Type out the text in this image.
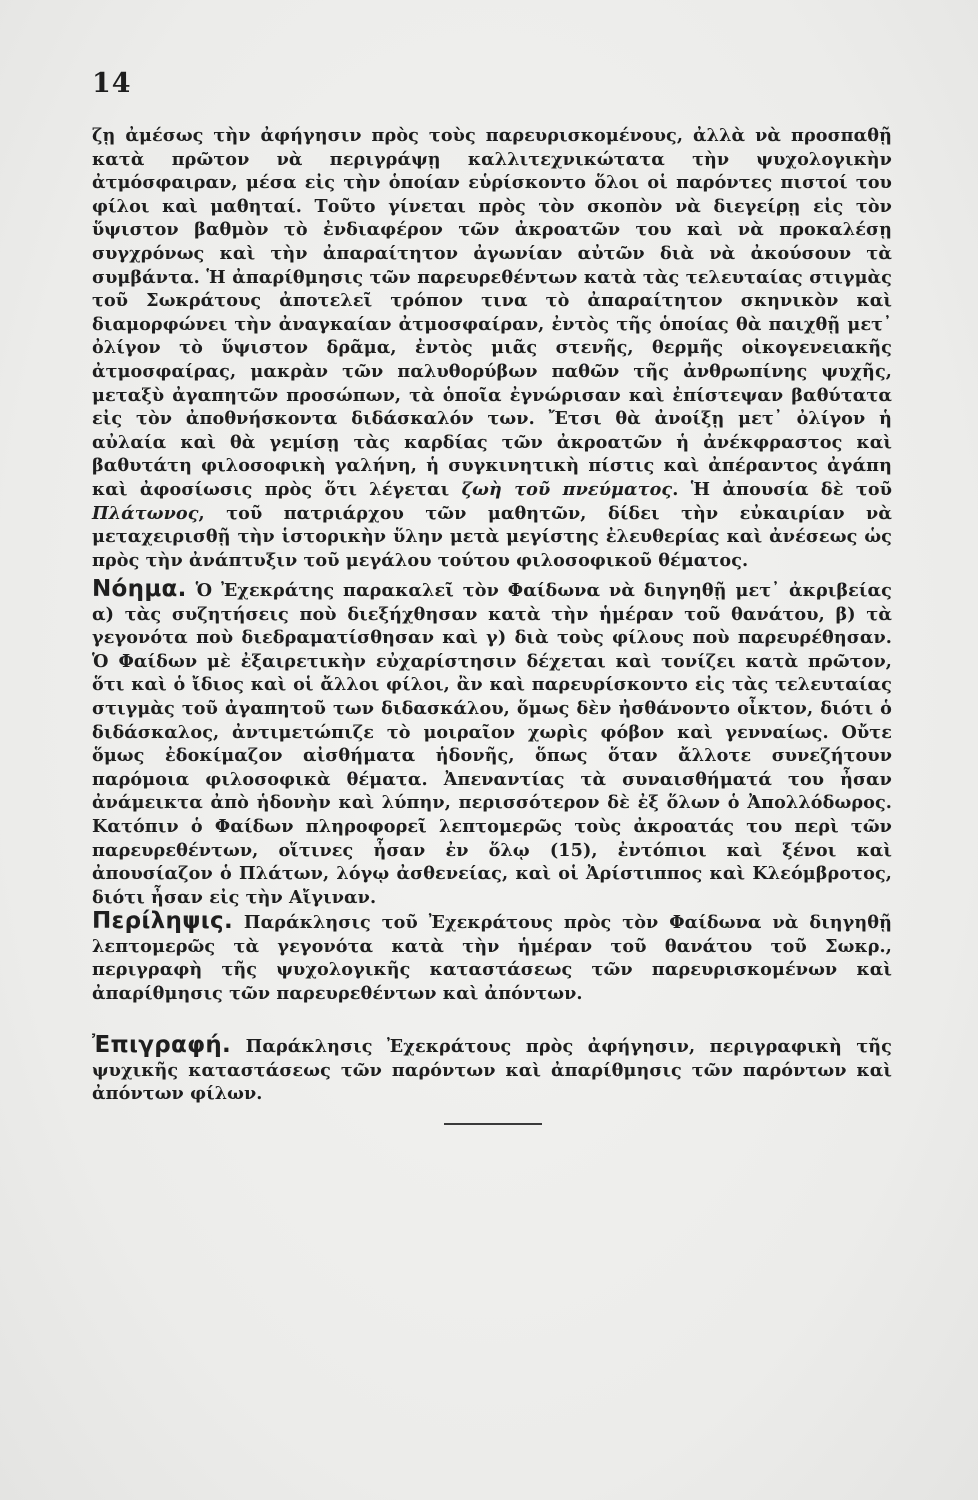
14
ζῃ ἀμέσως τὴν ἀφήγησιν πρὸς τοὺς παρευρισκομένους, ἀλλὰ νὰ προσπαθῇ κατὰ πρῶτον νὰ περιγράψῃ καλλιτεχνικώτατα τὴν ψυχολογικὴν ἀτμόσφαιραν, μέσα εἰς τὴν ὁποίαν εὑρίσκοντο ὅλοι οἱ παρόντες πιστοί του φίλοι καὶ μαθηταί. Τοῦτο γίνεται πρὸς τὸν σκοπὸν νὰ διεγείρῃ εἰς τὸν ὕψιστον βαθμὸν τὸ ἐνδιαφέρον τῶν ἀκροατῶν του καὶ νὰ προκαλέσῃ συγχρόνως καὶ τὴν ἀπαραίτητον ἀγωνίαν αὐτῶν διὰ νὰ ἀκούσουν τὰ συμβάντα. Ἡ ἀπαρίθμησις τῶν παρευρεθέντων κατὰ τὰς τελευταίας στιγμὰς τοῦ Σωκράτους ἀποτελεῖ τρόπον τινα τὸ ἀπαραίτητον σκηνικὸν καὶ διαμορφώνει τὴν ἀναγκαίαν ἀτμοσφαίραν, ἐντὸς τῆς ὁποίας θὰ παιχθῇ μετ᾽ ὀλίγον τὸ ὕψιστον δρᾶμα, ἐντὸς μιᾶς στενῆς, θερμῆς οἰκογενειακῆς ἀτμοσφαίρας, μακρὰν τῶν παλυθορύβων παθῶν τῆς ἀνθρωπίνης ψυχῆς, μεταξὺ ἀγαπητῶν προσώπων, τὰ ὁποῖα ἐγνώρισαν καὶ ἐπίστεψαν βαθύτατα εἰς τὸν ἀποθνήσκοντα διδάσκαλόν των. Ἔτσι θὰ ἀνοίξῃ μετ᾽ ὀλίγον ἡ αὐλαία καὶ θὰ γεμίσῃ τὰς καρδίας τῶν ἀκροατῶν ἡ ἀνέκφραστος καὶ βαθυτάτη φιλοσοφικὴ γαλήνη, ἡ συγκινητικὴ πίστις καὶ ἀπέραντος ἀγάπη καὶ ἀφοσίωσις πρὸς ὅτι λέγεται ζωὴ τοῦ πνεύματος. Ἡ ἀπουσία δὲ τοῦ Πλάτωνος, τοῦ πατριάρχου τῶν μαθητῶν, δίδει τὴν εὐκαιρίαν νὰ μεταχειρισθῇ τὴν ἱστορικὴν ὕλην μετὰ μεγίστης ἐλευθερίας καὶ ἀνέσεως ὡς πρὸς τὴν ἀνάπτυξιν τοῦ μεγάλου τούτου φιλοσοφικοῦ θέματος.
Νόημα. Ὁ Ἐχεκράτης παρακαλεῖ τὸν Φαίδωνα νὰ διηγηθῇ μετ᾽ ἀκριβείας α) τὰς συζητήσεις ποὺ διεξήχθησαν κατὰ τὴν ἡμέραν τοῦ θανάτου, β) τὰ γεγονότα ποὺ διεδραματίσθησαν καὶ γ) διὰ τοὺς φίλους ποὺ παρευρέθησαν. Ὁ Φαίδων μὲ ἐξαιρετικὴν εὐχαρίστησιν δέχεται καὶ τονίζει κατὰ πρῶτον, ὅτι καὶ ὁ ἴδιος καὶ οἱ ἄλλοι φίλοι, ἂν καὶ παρευρίσκοντο εἰς τὰς τελευταίας στιγμὰς τοῦ ἀγαπητοῦ των διδασκάλου, ὅμως δὲν ἠσθάνοντο οἶκτον, διότι ὁ διδάσκαλος, ἀντιμετώπιζε τὸ μοιραῖον χωρὶς φόβον καὶ γενναίως. Οὔτε ὅμως ἐδοκίμαζον αἰσθήματα ἡδονῆς, ὅπως ὅταν ἄλλοτε συνεζήτουν παρόμοια φιλοσοφικὰ θέματα. Ἀπεναντίας τὰ συναισθήματά του ἦσαν ἀνάμεικτα ἀπὸ ἡδονὴν καὶ λύπην, περισσότερον δὲ ἐξ ὅλων ὁ Ἀπολλόδωρος. Κατόπιν ὁ Φαίδων πληροφορεῖ λεπτομερῶς τοὺς ἀκροατάς του περὶ τῶν παρευρεθέντων, οἵτινες ἦσαν ἐν ὅλῳ (15), ἐντόπιοι καὶ ξένοι καὶ ἀπουσίαζον ὁ Πλάτων, λόγῳ ἀσθενείας, καὶ οἱ Ἀρίστιππος καὶ Κλεόμβροτος, διότι ἦσαν εἰς τὴν Αἴγιναν.
Περίληψις. Παράκλησις τοῦ Ἐχεκράτους πρὸς τὸν Φαίδωνα νὰ διηγηθῇ λεπτομερῶς τὰ γεγονότα κατὰ τὴν ἡμέραν τοῦ θανάτου τοῦ Σωκρ., περιγραφὴ τῆς ψυχολογικῆς καταστάσεως τῶν παρευρισκομένων καὶ ἀπαρίθμησις τῶν παρευρεθέντων καὶ ἀπόντων.
Ἐπιγραφή. Παράκλησις Ἐχεκράτους πρὸς ἀφήγησιν, περιγραφικὴ τῆς ψυχικῆς καταστάσεως τῶν παρόντων καὶ ἀπαρίθμησις τῶν παρόντων καὶ ἀπόντων φίλων.
